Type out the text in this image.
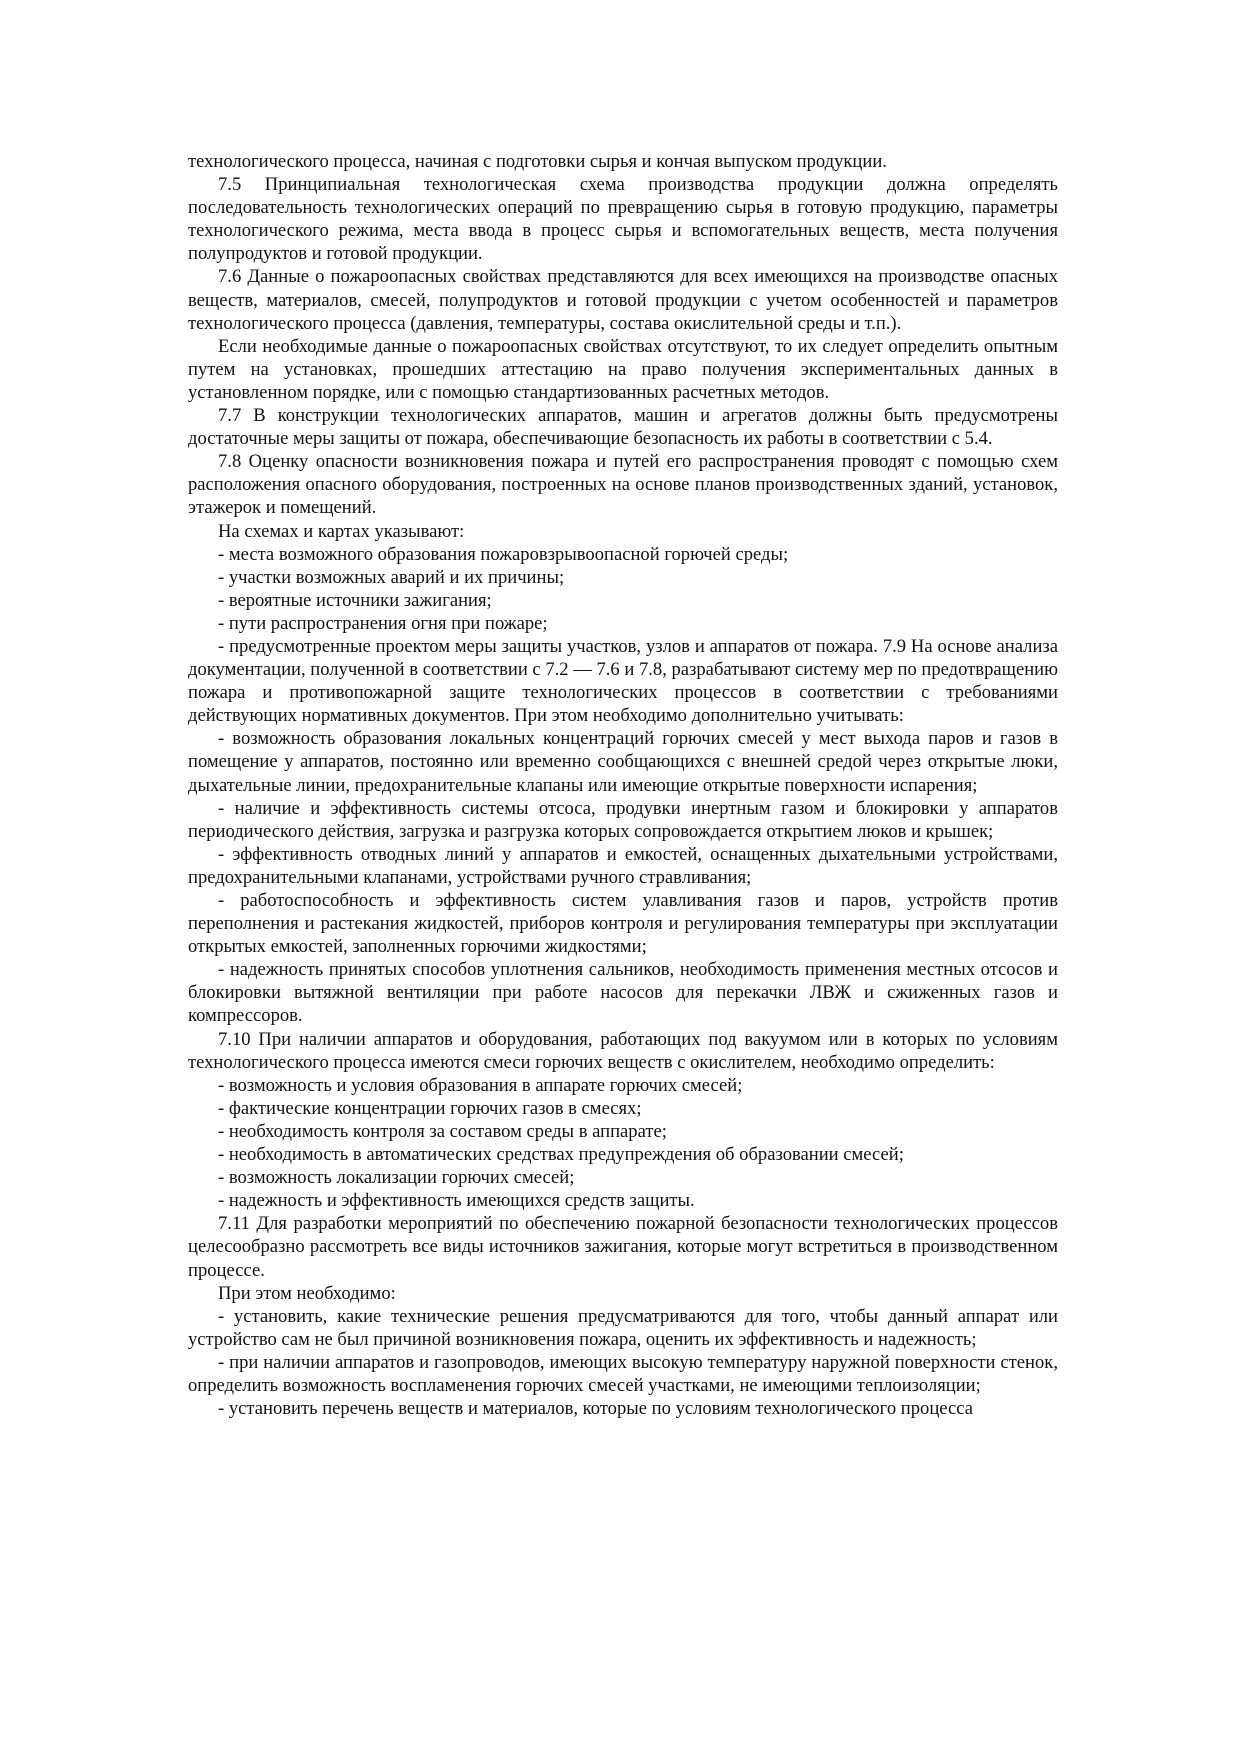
технологического процесса, начиная с подготовки сырья и кончая выпуском продукции.

7.5 Принципиальная технологическая схема производства продукции должна определять последовательность технологических операций по превращению сырья в готовую продукцию, параметры технологического режима, места ввода в процесс сырья и вспомогательных веществ, места получения полупродуктов и готовой продукции.

7.6 Данные о пожароопасных свойствах представляются для всех имеющихся на производстве опасных веществ, материалов, смесей, полупродуктов и готовой продукции с учетом особенностей и параметров технологического процесса (давления, температуры, состава окислительной среды и т.п.).

Если необходимые данные о пожароопасных свойствах отсутствуют, то их следует определить опытным путем на установках, прошедших аттестацию на право получения экспериментальных данных в установленном порядке, или с помощью стандартизованных расчетных методов.

7.7 В конструкции технологических аппаратов, машин и агрегатов должны быть предусмотрены достаточные меры защиты от пожара, обеспечивающие безопасность их работы в соответствии с 5.4.

7.8 Оценку опасности возникновения пожара и путей его распространения проводят с помощью схем расположения опасного оборудования, построенных на основе планов производственных зданий, установок, этажерок и помещений.

На схемах и картах указывают:

- места возможного образования пожаровзрывоопасной горючей среды;

- участки возможных аварий и их причины;

- вероятные источники зажигания;

- пути распространения огня при пожаре;

- предусмотренные проектом меры защиты участков, узлов и аппаратов от пожара. 7.9 На основе анализа документации, полученной в соответствии с 7.2 — 7.6 и 7.8, разрабатывают систему мер по предотвращению пожара и противопожарной защите технологических процессов в соответствии с требованиями действующих нормативных документов. При этом необходимо дополнительно учитывать:

- возможность образования локальных концентраций горючих смесей у мест выхода паров и газов в помещение у аппаратов, постоянно или временно сообщающихся с внешней средой через открытые люки, дыхательные линии, предохранительные клапаны или имеющие открытые поверхности испарения;

- наличие и эффективность системы отсоса, продувки инертным газом и блокировки у аппаратов периодического действия, загрузка и разгрузка которых сопровождается открытием люков и крышек;

- эффективность отводных линий у аппаратов и емкостей, оснащенных дыхательными устройствами, предохранительными клапанами, устройствами ручного стравливания;

- работоспособность и эффективность систем улавливания газов и паров, устройств против переполнения и растекания жидкостей, приборов контроля и регулирования температуры при эксплуатации открытых емкостей, заполненных горючими жидкостями;

- надежность принятых способов уплотнения сальников, необходимость применения местных отсосов и блокировки вытяжной вентиляции при работе насосов для перекачки ЛВЖ и сжиженных газов и компрессоров.

7.10 При наличии аппаратов и оборудования, работающих под вакуумом или в которых по условиям технологического процесса имеются смеси горючих веществ с окислителем, необходимо определить:

- возможность и условия образования в аппарате горючих смесей;

- фактические концентрации горючих газов в смесях;

- необходимость контроля за составом среды в аппарате;

- необходимость в автоматических средствах предупреждения об образовании смесей;

- возможность локализации горючих смесей;

- надежность и эффективность имеющихся средств защиты.

7.11 Для разработки мероприятий по обеспечению пожарной безопасности технологических процессов целесообразно рассмотреть все виды источников зажигания, которые могут встретиться в производственном процессе.

При этом необходимо:

- установить, какие технические решения предусматриваются для того, чтобы данный аппарат или устройство сам не был причиной возникновения пожара, оценить их эффективность и надежность;

- при наличии аппаратов и газопроводов, имеющих высокую температуру наружной поверхности стенок, определить возможность воспламенения горючих смесей участками, не имеющими теплоизоляции;

- установить перечень веществ и материалов, которые по условиям технологического процесса
